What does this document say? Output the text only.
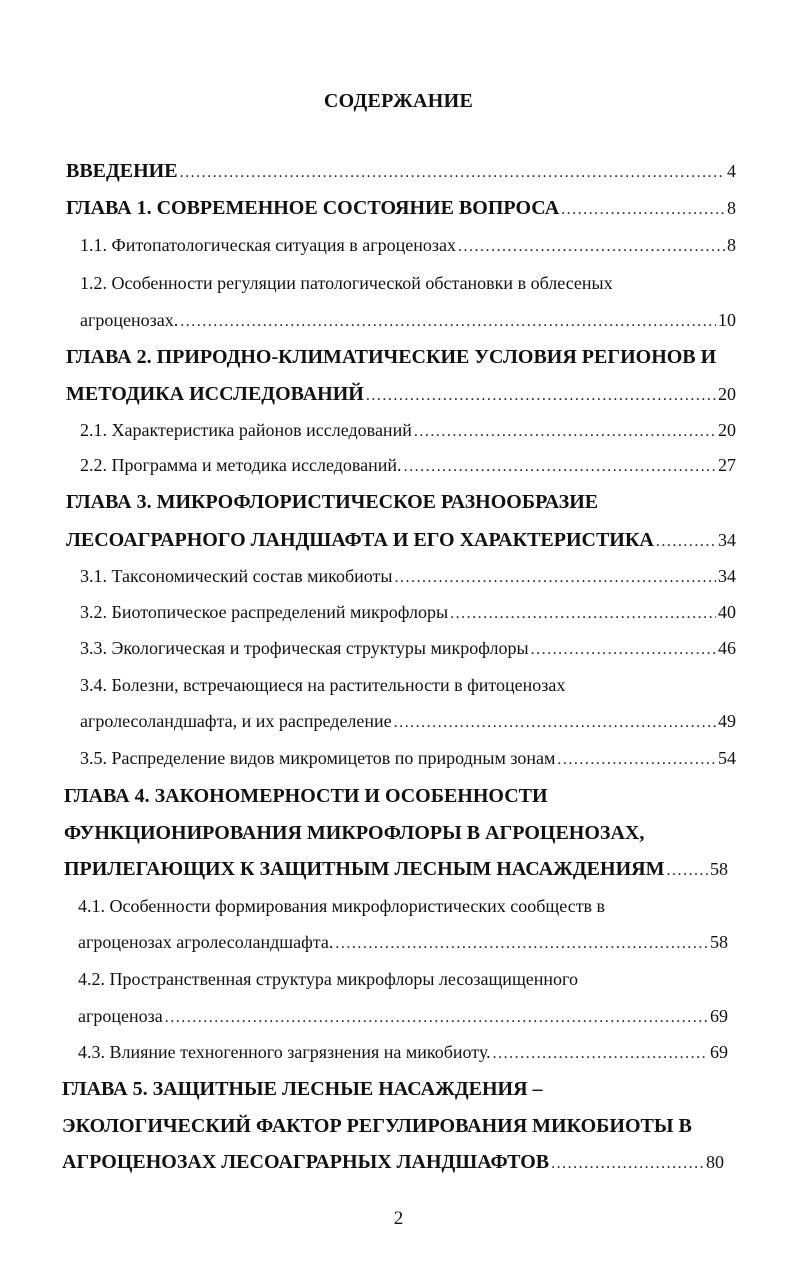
СОДЕРЖАНИЕ
ВВЕДЕНИЕ .....	4
ГЛАВА 1. СОВРЕМЕННОЕ СОСТОЯНИЕ ВОПРОСА .....	8
1.1. Фитопатологическая ситуация в агроценозах .....	8
1.2. Особенности регуляции патологической обстановки в облесеных
агроценозах. .....	10
ГЛАВА 2. ПРИРОДНО-КЛИМАТИЧЕСКИЕ УСЛОВИЯ РЕГИОНОВ И
МЕТОДИКА ИССЛЕДОВАНИЙ .....	20
2.1. Характеристика районов исследований .....	20
2.2. Программа и методика исследований. .....	27
ГЛАВА 3. МИКРОФЛОРИСТИЧЕСКОЕ РАЗНООБРАЗИЕ
ЛЕСОАГРАРНОГО ЛАНДШАФТА И ЕГО ХАРАКТЕРИСТИКА .....	34
3.1. Таксономический состав микобиоты .....	34
3.2. Биотопическое распределений микрофлоры .....	40
3.3. Экологическая и трофическая структуры микрофлоры .....	46
3.4. Болезни, встречающиеся на растительности в фитоценозах
агролесоландшафта, и их распределение .....	49
3.5. Распределение видов микромицетов по природным зонам .....	54
ГЛАВА 4. ЗАКОНОМЕРНОСТИ И ОСОБЕННОСТИ
ФУНКЦИОНИРОВАНИЯ МИКРОФЛОРЫ В АГРОЦЕНОЗАХ,
ПРИЛЕГАЮЩИХ К ЗАЩИТНЫМ ЛЕСНЫМ НАСАЖДЕНИЯМ .....	58
4.1. Особенности формирования микрофлористических сообществ в
агроценозах агролесоландшафта. .....	58
4.2. Пространственная структура микрофлоры лесозащищенного
агроценоза .....	69
4.3. Влияние техногенного загрязнения на микобиоту. .....	69
ГЛАВА 5. ЗАЩИТНЫЕ ЛЕСНЫЕ НАСАЖДЕНИЯ –
ЭКОЛОГИЧЕСКИЙ ФАКТОР РЕГУЛИРОВАНИЯ МИКОБИОТЫ В
АГРОЦЕНОЗАХ ЛЕСОАГРАРНЫХ ЛАНДШАФТОВ .....	80
2
